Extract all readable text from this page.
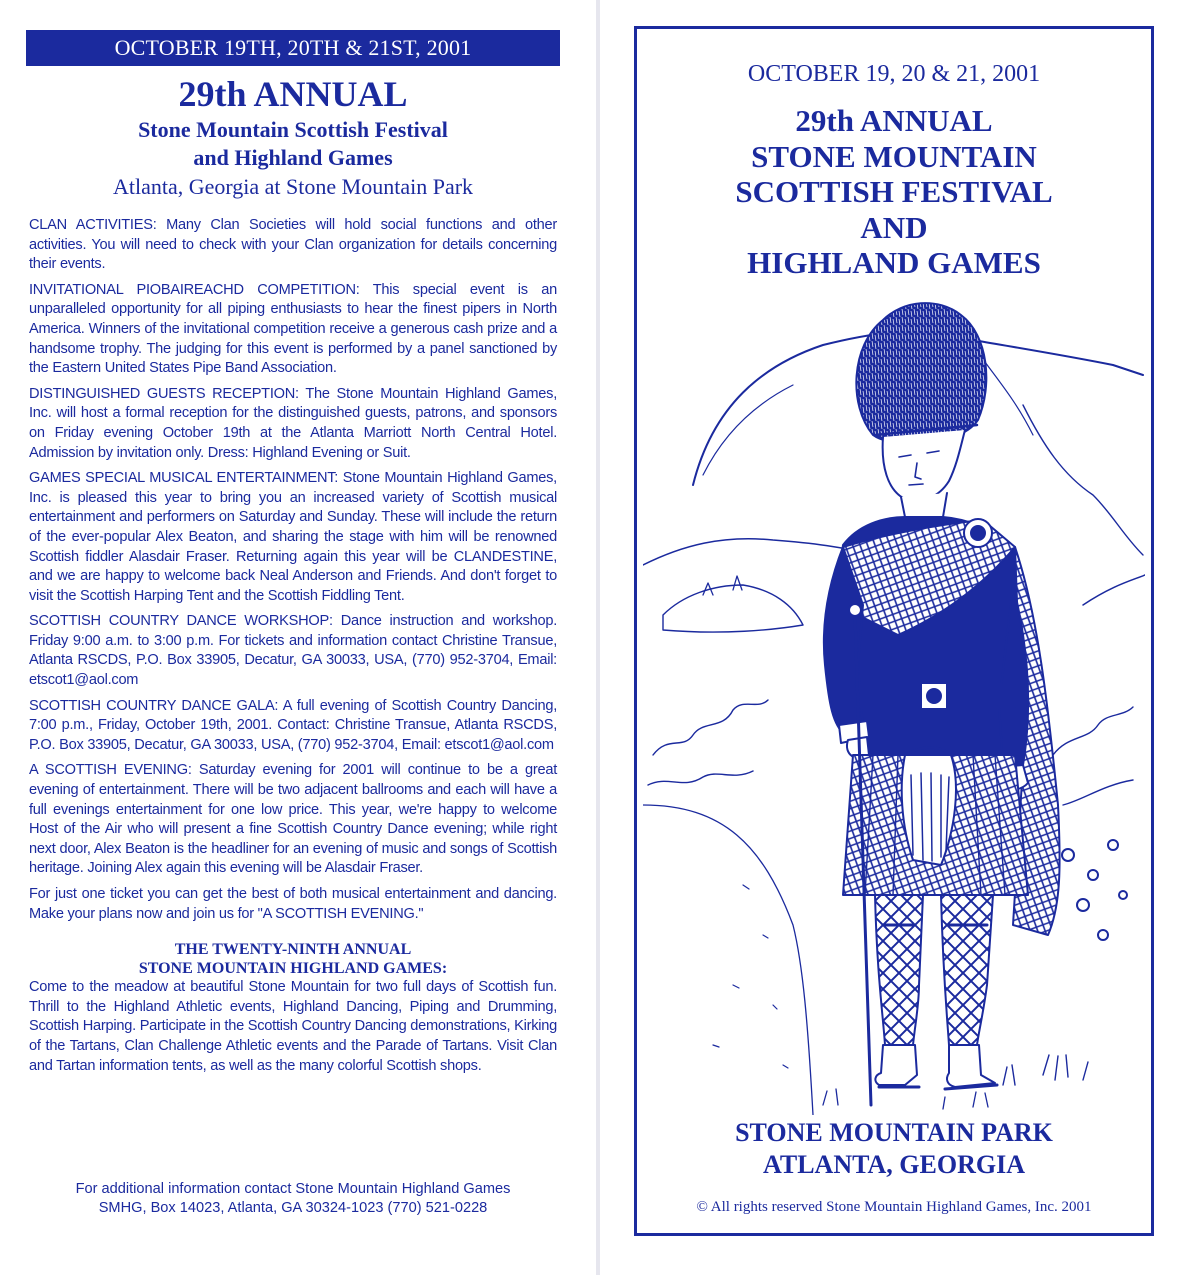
OCTOBER 19TH, 20TH & 21ST, 2001
29th ANNUAL
Stone Mountain Scottish Festival
and Highland Games
Atlanta, Georgia at Stone Mountain Park

CLAN ACTIVITIES: Many Clan Societies will hold social functions and other activities. You will need to check with your Clan organization for details concerning their events.

INVITATIONAL PIOBAIREACHD COMPETITION: This special event is an unparalleled opportunity for all piping enthusiasts to hear the finest pipers in North America. Winners of the invitational competition receive a generous cash prize and a handsome trophy. The judging for this event is performed by a panel sanctioned by the Eastern United States Pipe Band Association.

DISTINGUISHED GUESTS RECEPTION: The Stone Mountain Highland Games, Inc. will host a formal reception for the distinguished guests, patrons, and sponsors on Friday evening October 19th at the Atlanta Marriott North Central Hotel. Admission by invitation only. Dress: Highland Evening or Suit.

GAMES SPECIAL MUSICAL ENTERTAINMENT: Stone Mountain Highland Games, Inc. is pleased this year to bring you an increased variety of Scottish musical entertainment and performers on Saturday and Sunday. These will include the return of the ever-popular Alex Beaton, and sharing the stage with him will be renowned Scottish fiddler Alasdair Fraser. Returning again this year will be CLANDESTINE, and we are happy to welcome back Neal Anderson and Friends. And don't forget to visit the Scottish Harping Tent and the Scottish Fiddling Tent.

SCOTTISH COUNTRY DANCE WORKSHOP: Dance instruction and workshop. Friday 9:00 a.m. to 3:00 p.m. For tickets and information contact Christine Transue, Atlanta RSCDS, P.O. Box 33905, Decatur, GA 30033, USA, (770) 952-3704, Email: etscot1@aol.com

SCOTTISH COUNTRY DANCE GALA: A full evening of Scottish Country Dancing, 7:00 p.m., Friday, October 19th, 2001. Contact: Christine Transue, Atlanta RSCDS, P.O. Box 33905, Decatur, GA 30033, USA, (770) 952-3704, Email: etscot1@aol.com

A SCOTTISH EVENING: Saturday evening for 2001 will continue to be a great evening of entertainment. There will be two adjacent ballrooms and each will have a full evenings entertainment for one low price. This year, we're happy to welcome Host of the Air who will present a fine Scottish Country Dance evening; while right next door, Alex Beaton is the headliner for an evening of music and songs of Scottish heritage. Joining Alex again this evening will be Alasdair Fraser.

For just one ticket you can get the best of both musical entertainment and dancing. Make your plans now and join us for "A SCOTTISH EVENING."

THE TWENTY-NINTH ANNUAL
STONE MOUNTAIN HIGHLAND GAMES:

Come to the meadow at beautiful Stone Mountain for two full days of Scottish fun. Thrill to the Highland Athletic events, Highland Dancing, Piping and Drumming, Scottish Harping. Participate in the Scottish Country Dancing demonstrations, Kirking of the Tartans, Clan Challenge Athletic events and the Parade of Tartans. Visit Clan and Tartan information tents, as well as the many colorful Scottish shops.

For additional information contact Stone Mountain Highland Games
SMHG, Box 14023, Atlanta, GA 30324-1023 (770) 521-0228
OCTOBER 19, 20 & 21, 2001
29th ANNUAL
STONE MOUNTAIN
SCOTTISH FESTIVAL
AND
HIGHLAND GAMES
STONE MOUNTAIN PARK
ATLANTA, GEORGIA
© All rights reserved Stone Mountain Highland Games, Inc. 2001
